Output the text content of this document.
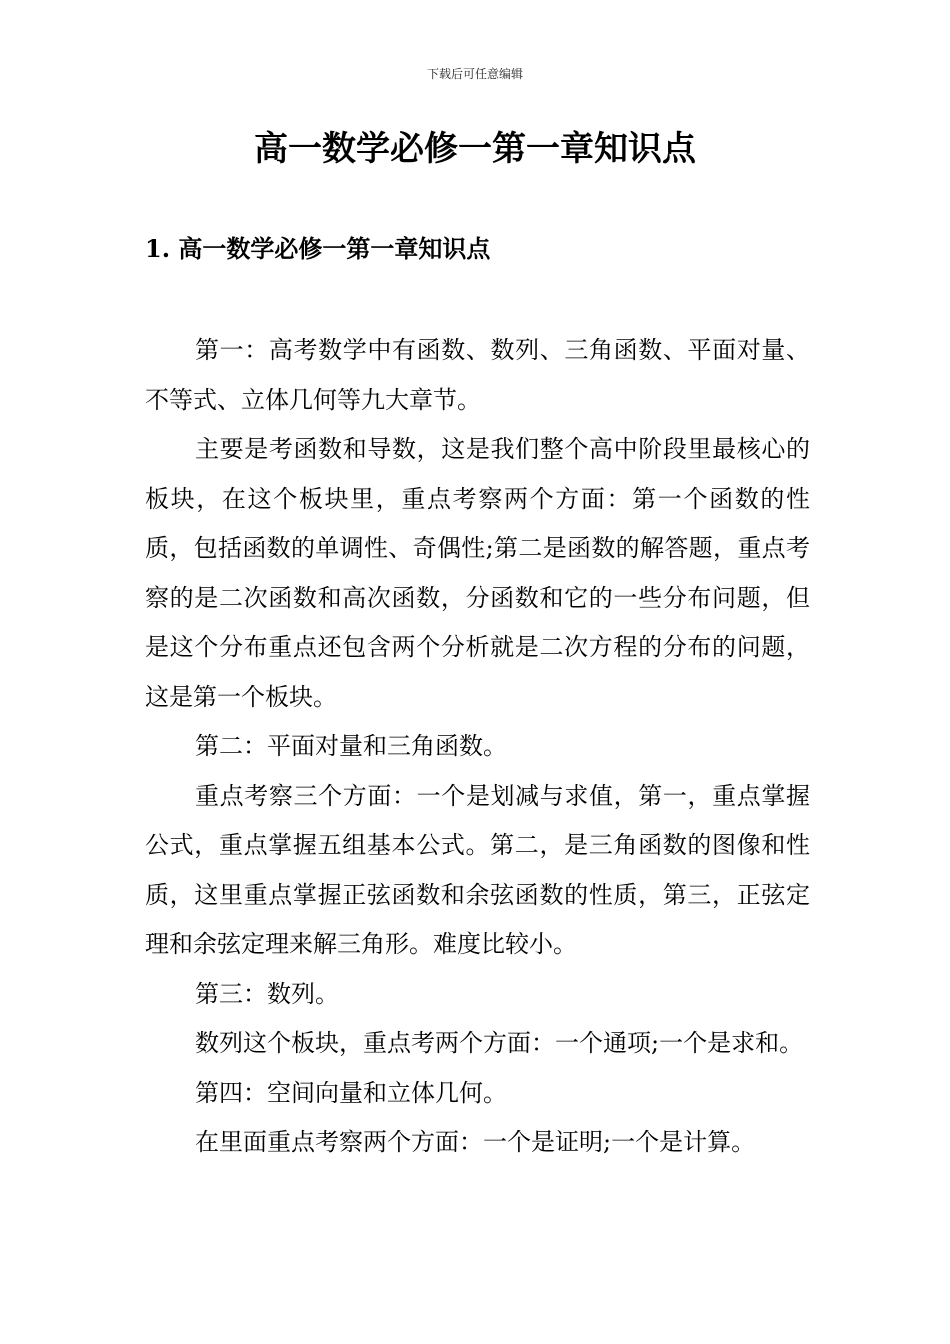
下载后可任意编辑
高一数学必修一第一章知识点
1. 高一数学必修一第一章知识点

第一：高考数学中有函数、数列、三角函数、平面对量、不等式、立体几何等九大章节。

主要是考函数和导数，这是我们整个高中阶段里最核心的板块，在这个板块里，重点考察两个方面：第一个函数的性质，包括函数的单调性、奇偶性;第二是函数的解答题，重点考察的是二次函数和高次函数，分函数和它的一些分布问题，但是这个分布重点还包含两个分析就是二次方程的分布的问题，这是第一个板块。

第二：平面对量和三角函数。

重点考察三个方面：一个是划减与求值，第一，重点掌握公式，重点掌握五组基本公式。第二，是三角函数的图像和性质，这里重点掌握正弦函数和余弦函数的性质，第三，正弦定理和余弦定理来解三角形。难度比较小。

第三：数列。

数列这个板块，重点考两个方面：一个通项;一个是求和。

第四：空间向量和立体几何。

在里面重点考察两个方面：一个是证明;一个是计算。
